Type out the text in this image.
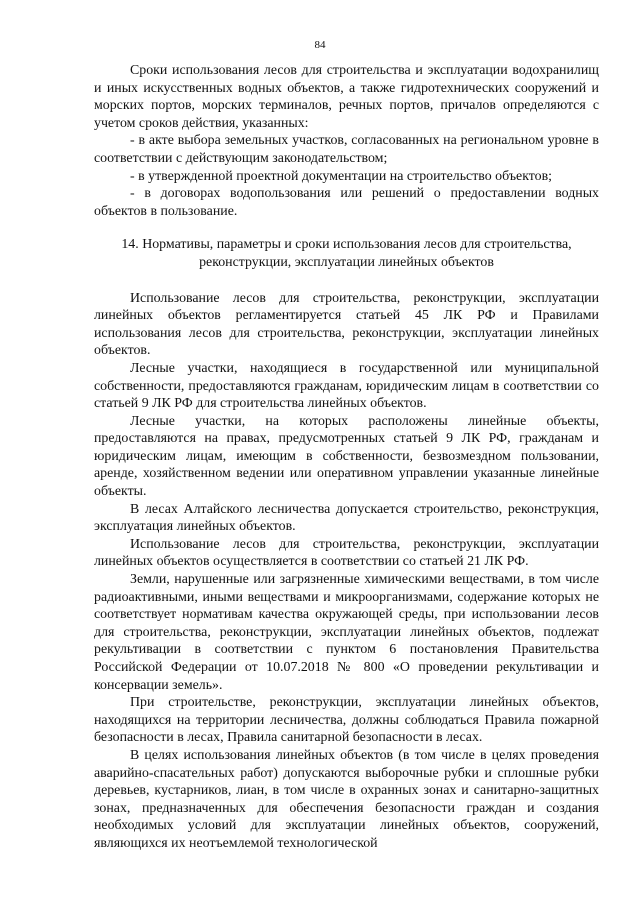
84

Сроки использования лесов для строительства и эксплуатации водохранилищ и иных искусственных водных объектов, а также гидротехнических сооружений и морских портов, морских терминалов, речных портов, причалов определяются с учетом сроков действия, указанных:

- в акте выбора земельных участков, согласованных на региональном уровне в соответствии с действующим законодательством;

- в утвержденной проектной документации на строительство объектов;

- в договорах водопользования или решений о предоставлении водных объектов в пользование.

14. Нормативы, параметры и сроки использования лесов для строительства, реконструкции, эксплуатации линейных объектов

Использование лесов для строительства, реконструкции, эксплуатации линейных объектов регламентируется статьей 45 ЛК РФ и Правилами использования лесов для строительства, реконструкции, эксплуатации линейных объектов.

Лесные участки, находящиеся в государственной или муниципальной собственности, предоставляются гражданам, юридическим лицам в соответствии со статьей 9 ЛК РФ для строительства линейных объектов.

Лесные участки, на которых расположены линейные объекты, предоставляются на правах, предусмотренных статьей 9 ЛК РФ, гражданам и юридическим лицам, имеющим в собственности, безвозмездном пользовании, аренде, хозяйственном ведении или оперативном управлении указанные линейные объекты.

В лесах Алтайского лесничества допускается строительство, реконструкция, эксплуатация линейных объектов.

Использование лесов для строительства, реконструкции, эксплуатации линейных объектов осуществляется в соответствии со статьей 21 ЛК РФ.

Земли, нарушенные или загрязненные химическими веществами, в том числе радиоактивными, иными веществами и микроорганизмами, содержание которых не соответствует нормативам качества окружающей среды, при использовании лесов для строительства, реконструкции, эксплуатации линейных объектов, подлежат рекультивации в соответствии с пунктом 6 постановления Правительства Российской Федерации от 10.07.2018 № 800 «О проведении рекультивации и консервации земель».

При строительстве, реконструкции, эксплуатации линейных объектов, находящихся на территории лесничества, должны соблюдаться Правила пожарной безопасности в лесах, Правила санитарной безопасности в лесах.

В целях использования линейных объектов (в том числе в целях проведения аварийно-спасательных работ) допускаются выборочные рубки и сплошные рубки деревьев, кустарников, лиан, в том числе в охранных зонах и санитарно-защитных зонах, предназначенных для обеспечения безопасности граждан и создания необходимых условий для эксплуатации линейных объектов, сооружений, являющихся их неотъемлемой технологической
